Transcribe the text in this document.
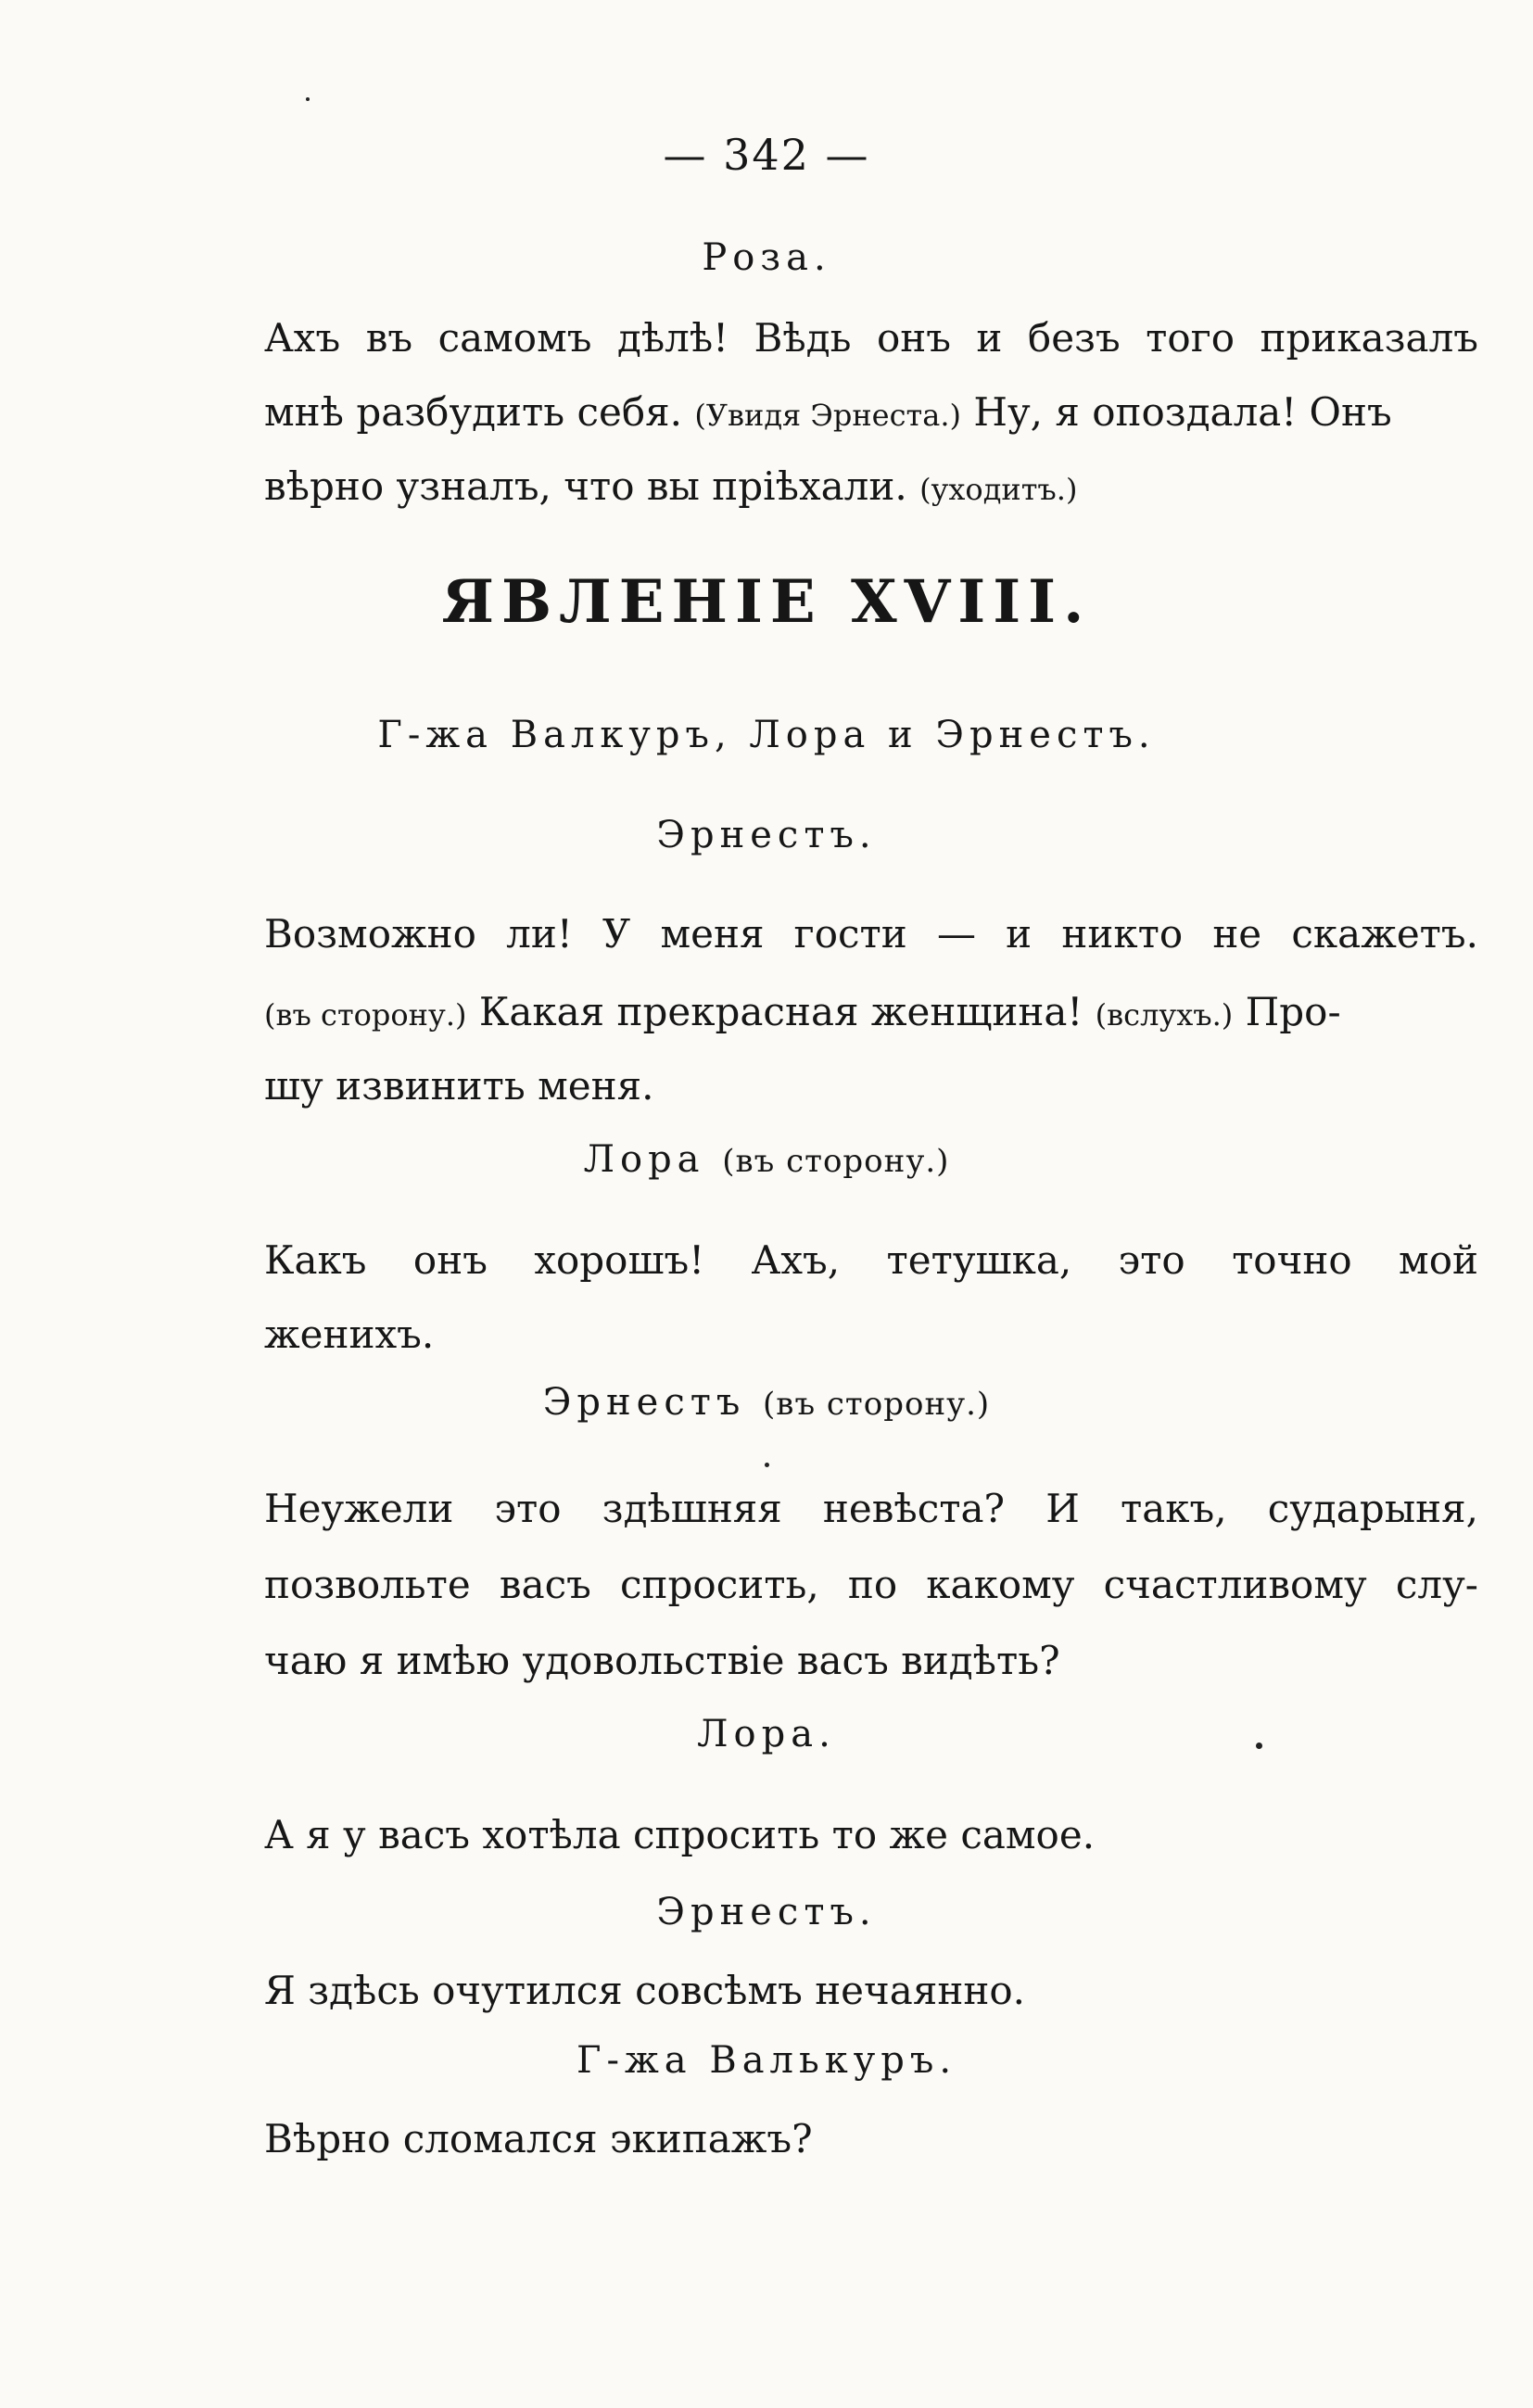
— 342 —
Роза.
Ахъ въ самомъ дѣлѣ! Вѣдь онъ и безъ того приказалъ
мнѣ разбудить себя. (Увидя Эрнеста.) Ну, я опоздала! Онъ
вѣрно узналъ, что вы пріѣхали. (уходитъ.)
ЯВЛЕНІЕ XVIII.
Г-жа Валкуръ, Лора и Эрнестъ.
Эрнестъ.
Возможно ли! У меня гости — и никто не скажетъ.
(въ сторону.) Какая прекрасная женщина! (вслухъ.) Про-
шу извинить меня.
Лора (въ сторону.)
Какъ онъ хорошъ! Ахъ, тетушка, это точно мой
женихъ.
Эрнестъ (въ сторону.)
Неужели это здѣшняя невѣста? И такъ, сударыня,
позвольте васъ спросить, по какому счастливому слу-
чаю я имѣю удовольствіе васъ видѣть?
Лора.
А я у васъ хотѣла спросить то же самое.
Эрнестъ.
Я здѣсь очутился совсѣмъ нечаянно.
Г-жа Валькуръ.
Вѣрно сломался экипажъ?
